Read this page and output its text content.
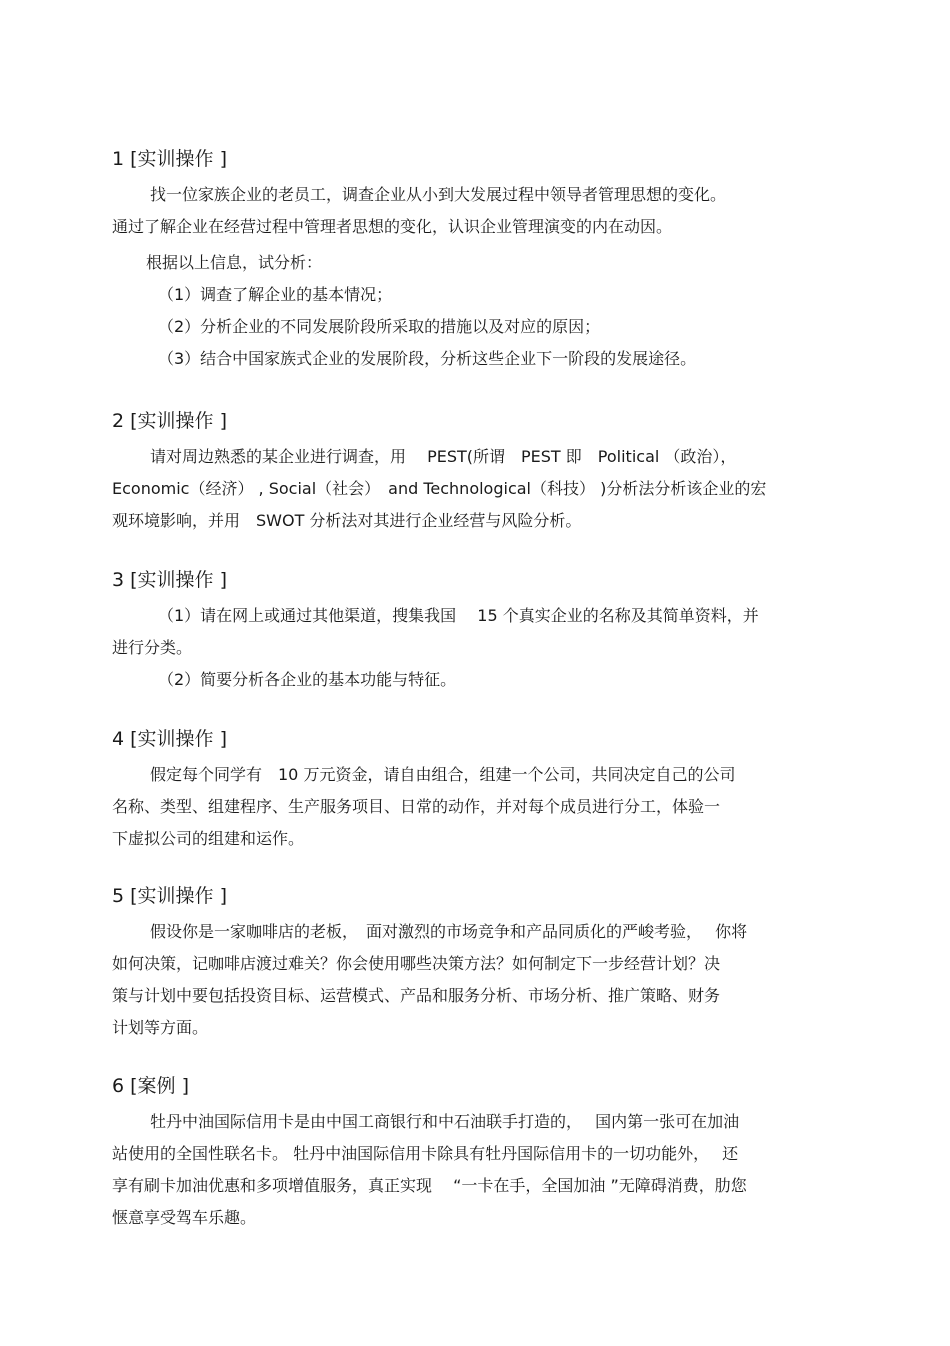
1 [实训操作 ]

找一位家族企业的老员工，调查企业从小到大发展过程中领导者管理思想的变化。

通过了解企业在经营过程中管理者思想的变化，认识企业管理演变的内在动因。

根据以上信息，试分析：

（1）调查了解企业的基本情况；

（2）分析企业的不同发展阶段所采取的措施以及对应的原因；

（3）结合中国家族式企业的发展阶段，分析这些企业下一阶段的发展途径。

2 [实训操作 ]

请对周边熟悉的某企业进行调查，用　 PEST(所谓　PEST 即　Political （政治），

Economic（经济） , Social（社会）　and Technological（科技） )分析法分析该企业的宏

观环境影响，并用　SWOT 分析法对其进行企业经营与风险分析。

3 [实训操作 ]

（1）请在网上或通过其他渠道，搜集我国　 15 个真实企业的名称及其简单资料，并

进行分类。

（2）简要分析各企业的基本功能与特征。

4 [实训操作 ]

假定每个同学有　10 万元资金，请自由组合，组建一个公司，共同决定自己的公司

名称、类型、组建程序、生产服务项目、日常的动作，并对每个成员进行分工，体验一

下虚拟公司的组建和运作。

5 [实训操作 ]

假设你是一家咖啡店的老板，　面对激烈的市场竞争和产品同质化的严峻考验，　 你将

如何决策，记咖啡店渡过难关？你会使用哪些决策方法？如何制定下一步经营计划？决

策与计划中要包括投资目标、运营模式、产品和服务分析、市场分析、推广策略、财务

计划等方面。

6 [案例 ]

牡丹中油国际信用卡是由中国工商银行和中石油联手打造的，　 国内第一张可在加油

站使用的全国性联名卡。 牡丹中油国际信用卡除具有牡丹国际信用卡的一切功能外，　 还

享有刷卡加油优惠和多项增值服务，真正实现　 “一卡在手，全国加油 ”无障碍消费，肋您

惬意享受驾车乐趣。
